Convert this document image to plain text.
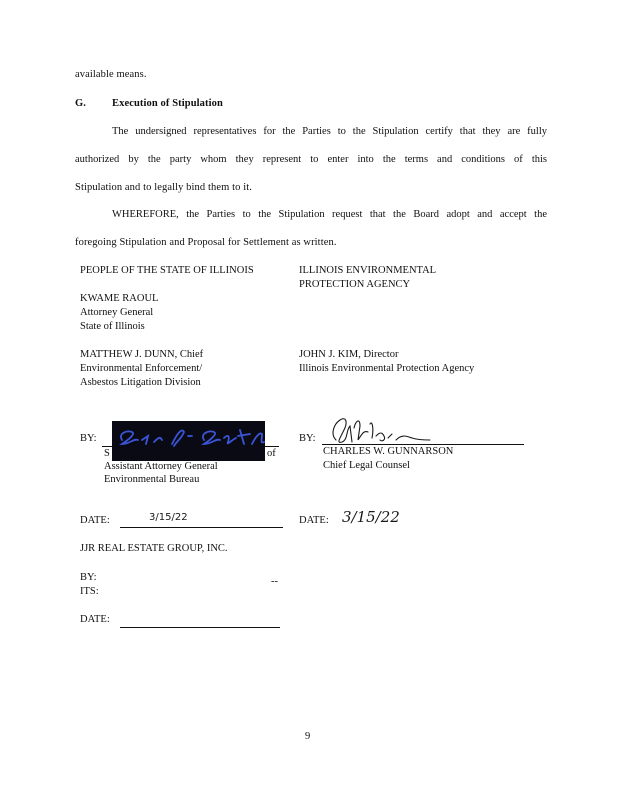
available means.
G. Execution of Stipulation
The undersigned representatives for the Parties to the Stipulation certify that they are fully
authorized by the party whom they represent to enter into the terms and conditions of this
Stipulation and to legally bind them to it.
WHEREFORE, the Parties to the Stipulation request that the Board adopt and accept the
foregoing Stipulation and Proposal for Settlement as written.
PEOPLE OF THE STATE OF ILLINOIS
KWAME RAOUL
Attorney General
State of Illinois
MATTHEW J. DUNN, Chief
Environmental Enforcement/
Asbestos Litigation Division
ILLINOIS ENVIRONMENTAL
PROTECTION AGENCY
JOHN J. KIM, Director
Illinois Environmental Protection Agency
BY:
S	of
Assistant Attorney General
Environmental Bureau
BY:
CHARLES W. GUNNARSON
Chief Legal Counsel
DATE:	3/15/22	DATE: 3/15/22
JJR REAL ESTATE GROUP, INC.
BY:	--
ITS:
DATE:
9
